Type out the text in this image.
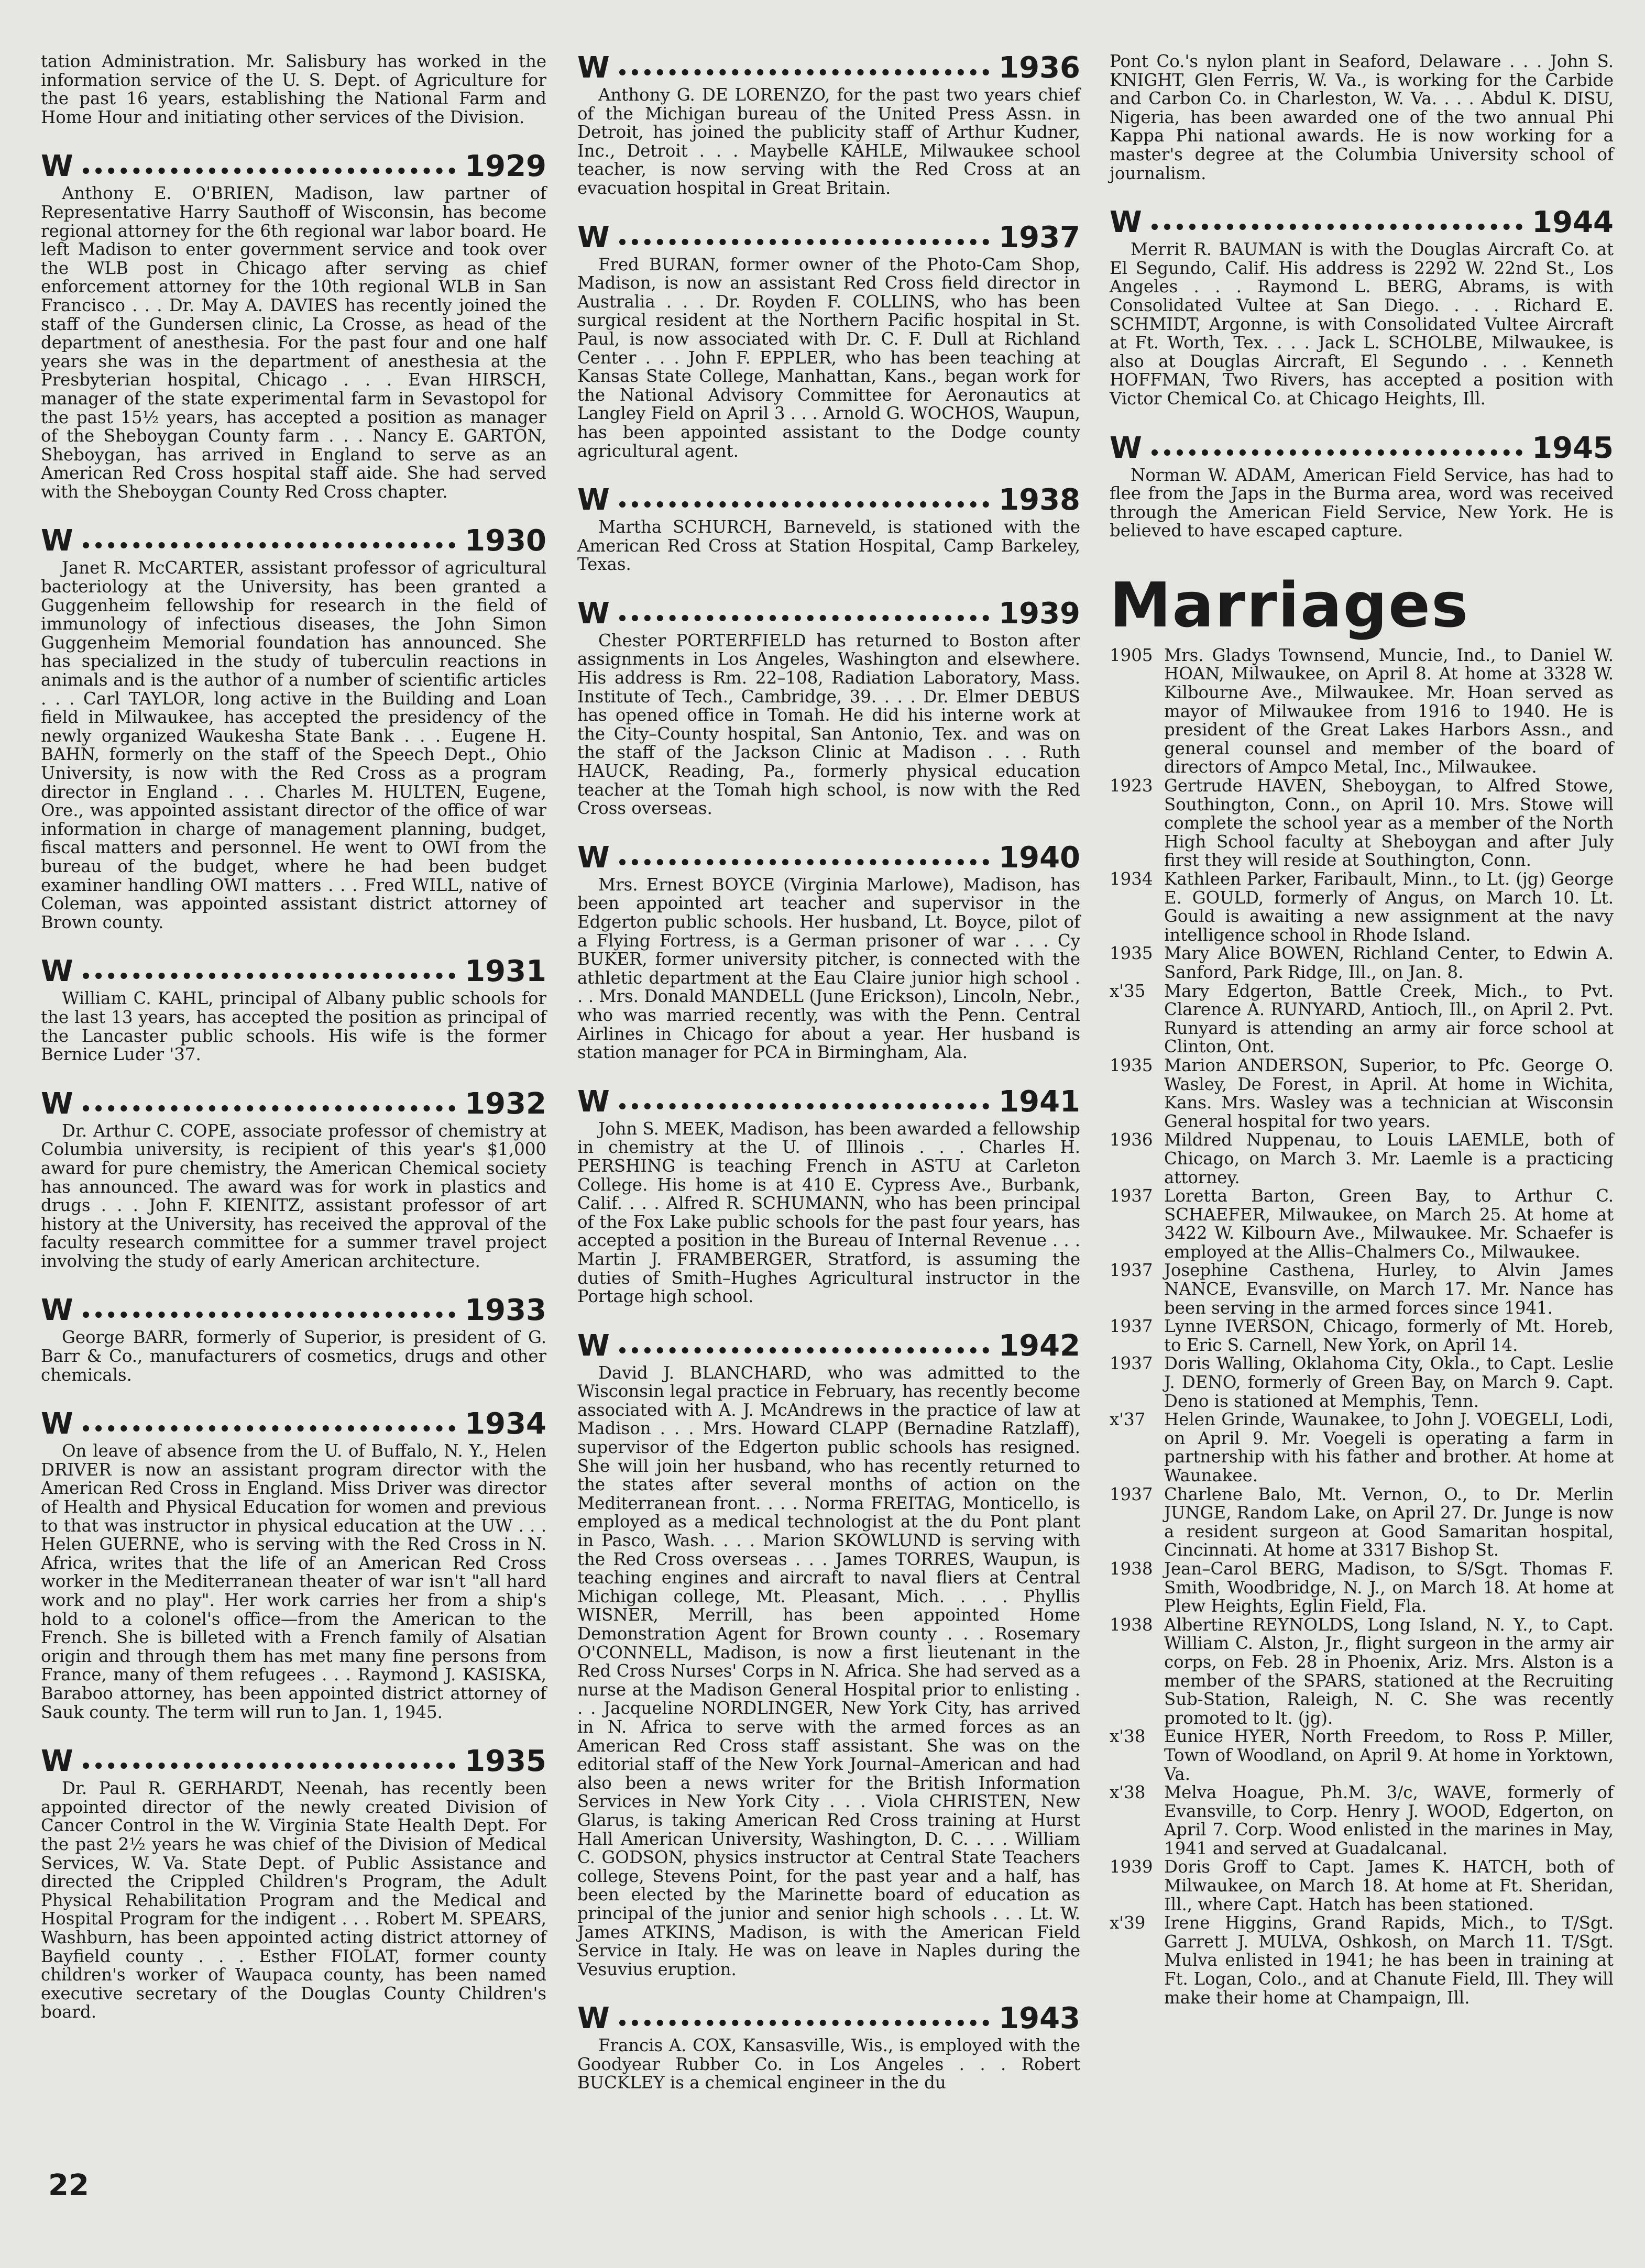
tation Administration. Mr. Salisbury has worked in the information service of the U. S. Dept. of Agriculture for the past 16 years, establishing the National Farm and Home Hour and initiating other services of the Division.

W	1929

Anthony E. O'BRIEN, Madison, law partner of Representative Harry Sauthoff of Wisconsin, has become regional attorney for the 6th regional war labor board. He left Madison to enter government service and took over the WLB post in Chicago after serving as chief enforcement attorney for the 10th regional WLB in San Francisco . . . Dr. May A. DAVIES has recently joined the staff of the Gundersen clinic, La Crosse, as head of the department of anesthesia. For the past four and one half years she was in the department of anesthesia at the Presbyterian hospital, Chicago . . . Evan HIRSCH, manager of the state experimental farm in Sevastopol for the past 15½ years, has accepted a position as manager of the Sheboygan County farm . . . Nancy E. GARTON, Sheboygan, has arrived in England to serve as an American Red Cross hospital staff aide. She had served with the Sheboygan County Red Cross chapter.

W	1930

Janet R. McCARTER, assistant professor of agricultural bacteriology at the University, has been granted a Guggenheim fellowship for research in the field of immunology of infectious diseases, the John Simon Guggenheim Memorial foundation has announced. She has specialized in the study of tuberculin reactions in animals and is the author of a number of scientific articles . . . Carl TAYLOR, long active in the Building and Loan field in Milwaukee, has accepted the presidency of the newly organized Waukesha State Bank . . . Eugene H. BAHN, formerly on the staff of the Speech Dept., Ohio University, is now with the Red Cross as a program director in England . . . Charles M. HULTEN, Eugene, Ore., was appointed assistant director of the office of war information in charge of management planning, budget, fiscal matters and personnel. He went to OWI from the bureau of the budget, where he had been budget examiner handling OWI matters . . . Fred WILL, native of Coleman, was appointed assistant district attorney of Brown county.

W	1931

William C. KAHL, principal of Albany public schools for the last 13 years, has accepted the position as principal of the Lancaster public schools. His wife is the former Bernice Luder '37.

W	1932

Dr. Arthur C. COPE, associate professor of chemistry at Columbia university, is recipient of this year's $1,000 award for pure chemistry, the American Chemical society has announced. The award was for work in plastics and drugs . . . John F. KIENITZ, assistant professor of art history at the University, has received the approval of the faculty research committee for a summer travel project involving the study of early American architecture.

W	1933

George BARR, formerly of Superior, is president of G. Barr & Co., manufacturers of cosmetics, drugs and other chemicals.

W	1934

On leave of absence from the U. of Buffalo, N. Y., Helen DRIVER is now an assistant program director with the American Red Cross in England. Miss Driver was director of Health and Physical Education for women and previous to that was instructor in physical education at the UW . . . Helen GUERNE, who is serving with the Red Cross in N. Africa, writes that the life of an American Red Cross worker in the Mediterranean theater of war isn't "all hard work and no play". Her work carries her from a ship's hold to a colonel's office—from the American to the French. She is billeted with a French family of Alsatian origin and through them has met many fine persons from France, many of them refugees . . . Raymond J. KASISKA, Baraboo attorney, has been appointed district attorney of Sauk county. The term will run to Jan. 1, 1945.

W	1935

Dr. Paul R. GERHARDT, Neenah, has recently been appointed director of the newly created Division of Cancer Control in the W. Virginia State Health Dept. For the past 2½ years he was chief of the Division of Medical Services, W. Va. State Dept. of Public Assistance and directed the Crippled Children's Program, the Adult Physical Rehabilitation Program and the Medical and Hospital Program for the indigent . . . Robert M. SPEARS, Washburn, has been appointed acting district attorney of Bayfield county . . . Esther FIOLAT, former county children's worker of Waupaca county, has been named executive secretary of the Douglas County Children's board.

W	1936

Anthony G. DE LORENZO, for the past two years chief of the Michigan bureau of the United Press Assn. in Detroit, has joined the publicity staff of Arthur Kudner, Inc., Detroit . . . Maybelle KAHLE, Milwaukee school teacher, is now serving with the Red Cross at an evacuation hospital in Great Britain.

W	1937

Fred BURAN, former owner of the Photo-Cam Shop, Madison, is now an assistant Red Cross field director in Australia . . . Dr. Royden F. COLLINS, who has been surgical resident at the Northern Pacific hospital in St. Paul, is now associated with Dr. C. F. Dull at Richland Center . . . John F. EPPLER, who has been teaching at Kansas State College, Manhattan, Kans., began work for the National Advisory Committee for Aeronautics at Langley Field on April 3 . . . Arnold G. WOCHOS, Waupun, has been appointed assistant to the Dodge county agricultural agent.

W	1938

Martha SCHURCH, Barneveld, is stationed with the American Red Cross at Station Hospital, Camp Barkeley, Texas.

W	1939

Chester PORTERFIELD has returned to Boston after assignments in Los Angeles, Washington and elsewhere. His address is Rm. 22–108, Radiation Laboratory, Mass. Institute of Tech., Cambridge, 39. . . . Dr. Elmer DEBUS has opened office in Tomah. He did his interne work at the City–County hospital, San Antonio, Tex. and was on the staff of the Jackson Clinic at Madison . . . Ruth HAUCK, Reading, Pa., formerly physical education teacher at the Tomah high school, is now with the Red Cross overseas.

W	1940

Mrs. Ernest BOYCE (Virginia Marlowe), Madison, has been appointed art teacher and supervisor in the Edgerton public schools. Her husband, Lt. Boyce, pilot of a Flying Fortress, is a German prisoner of war . . . Cy BUKER, former university pitcher, is connected with the athletic department at the Eau Claire junior high school . . . Mrs. Donald MANDELL (June Erickson), Lincoln, Nebr., who was married recently, was with the Penn. Central Airlines in Chicago for about a year. Her husband is station manager for PCA in Birmingham, Ala.

W	1941

John S. MEEK, Madison, has been awarded a fellowship in chemistry at the U. of Illinois . . . Charles H. PERSHING is teaching French in ASTU at Carleton College. His home is at 410 E. Cypress Ave., Burbank, Calif. . . . Alfred R. SCHUMANN, who has been principal of the Fox Lake public schools for the past four years, has accepted a position in the Bureau of Internal Revenue . . . Martin J. FRAMBERGER, Stratford, is assuming the duties of Smith–Hughes Agricultural instructor in the Portage high school.

W	1942

David J. BLANCHARD, who was admitted to the Wisconsin legal practice in February, has recently become associated with A. J. McAndrews in the practice of law at Madison . . . Mrs. Howard CLAPP (Bernadine Ratzlaff), supervisor of the Edgerton public schools has resigned. She will join her husband, who has recently returned to the states after several months of action on the Mediterranean front. . . . Norma FREITAG, Monticello, is employed as a medical technologist at the du Pont plant in Pasco, Wash. . . . Marion SKOWLUND is serving with the Red Cross overseas . . . James TORRES, Waupun, is teaching engines and aircraft to naval fliers at Central Michigan college, Mt. Pleasant, Mich. . . . Phyllis WISNER, Merrill, has been appointed Home Demonstration Agent for Brown county . . . Rosemary O'CONNELL, Madison, is now a first lieutenant in the Red Cross Nurses' Corps in N. Africa. She had served as a nurse at the Madison General Hospital prior to enlisting . . . Jacqueline NORDLINGER, New York City, has arrived in N. Africa to serve with the armed forces as an American Red Cross staff assistant. She was on the editorial staff of the New York Journal–American and had also been a news writer for the British Information Services in New York City . . . Viola CHRISTEN, New Glarus, is taking American Red Cross training at Hurst Hall American University, Washington, D. C. . . . William C. GODSON, physics instructor at Central State Teachers college, Stevens Point, for the past year and a half, has been elected by the Marinette board of education as principal of the junior and senior high schools . . . Lt. W. James ATKINS, Madison, is with the American Field Service in Italy. He was on leave in Naples during the Vesuvius eruption.

W	1943

Francis A. COX, Kansasville, Wis., is employed with the Goodyear Rubber Co. in Los Angeles . . . Robert BUCKLEY is a chemical engineer in the du

Pont Co.'s nylon plant in Seaford, Delaware . . . John S. KNIGHT, Glen Ferris, W. Va., is working for the Carbide and Carbon Co. in Charleston, W. Va. . . . Abdul K. DISU, Nigeria, has been awarded one of the two annual Phi Kappa Phi national awards. He is now working for a master's degree at the Columbia University school of journalism.

W	1944

Merrit R. BAUMAN is with the Douglas Aircraft Co. at El Segundo, Calif. His address is 2292 W. 22nd St., Los Angeles . . . Raymond L. BERG, Abrams, is with Consolidated Vultee at San Diego. . . . Richard E. SCHMIDT, Argonne, is with Consolidated Vultee Aircraft at Ft. Worth, Tex. . . . Jack L. SCHOLBE, Milwaukee, is also at Douglas Aircraft, El Segundo . . . Kenneth HOFFMAN, Two Rivers, has accepted a position with Victor Chemical Co. at Chicago Heights, Ill.

W	1945

Norman W. ADAM, American Field Service, has had to flee from the Japs in the Burma area, word was received through the American Field Service, New York. He is believed to have escaped capture.

Marriages
1905 Mrs. Gladys Townsend, Muncie, Ind., to Daniel W. HOAN, Milwaukee, on April 8. At home at 3328 W. Kilbourne Ave., Milwaukee. Mr. Hoan served as mayor of Milwaukee from 1916 to 1940. He is president of the Great Lakes Harbors Assn., and general counsel and member of the board of directors of Ampco Metal, Inc., Milwaukee.
1923 Gertrude HAVEN, Sheboygan, to Alfred Stowe, Southington, Conn., on April 10. Mrs. Stowe will complete the school year as a member of the North High School faculty at Sheboygan and after July first they will reside at Southington, Conn.
1934 Kathleen Parker, Faribault, Minn., to Lt. (jg) George E. GOULD, formerly of Angus, on March 10. Lt. Gould is awaiting a new assignment at the navy intelligence school in Rhode Island.
1935 Mary Alice BOWEN, Richland Center, to Edwin A. Sanford, Park Ridge, Ill., on Jan. 8.
x'35	Mary Edgerton, Battle Creek, Mich., to Pvt. Clarence A. RUNYARD, Antioch, Ill., on April 2. Pvt. Runyard is attending an army air force school at Clinton, Ont.
1935 Marion ANDERSON, Superior, to Pfc. George O. Wasley, De Forest, in April. At home in Wichita, Kans. Mrs. Wasley was a technician at Wisconsin General hospital for two years.
1936 Mildred Nuppenau, to Louis LAEMLE, both of Chicago, on March 3. Mr. Laemle is a practicing attorney.
1937 Loretta Barton, Green Bay, to Arthur C. SCHAEFER, Milwaukee, on March 25. At home at 3422 W. Kilbourn Ave., Milwaukee. Mr. Schaefer is employed at the Allis–Chalmers Co., Milwaukee.
1937 Josephine Casthena, Hurley, to Alvin James NANCE, Evansville, on March 17. Mr. Nance has been serving in the armed forces since 1941.
1937 Lynne IVERSON, Chicago, formerly of Mt. Horeb, to Eric S. Carnell, New York, on April 14.
1937 Doris Walling, Oklahoma City, Okla., to Capt. Leslie J. DENO, formerly of Green Bay, on March 9. Capt. Deno is stationed at Memphis, Tenn.
x'37	Helen Grinde, Waunakee, to John J. VOEGELI, Lodi, on April 9. Mr. Voegeli is operating a farm in partnership with his father and brother. At home at Waunakee.
1937 Charlene Balo, Mt. Vernon, O., to Dr. Merlin JUNGE, Random Lake, on April 27. Dr. Junge is now a resident surgeon at Good Samaritan hospital, Cincinnati. At home at 3317 Bishop St.
1938 Jean–Carol BERG, Madison, to S/Sgt. Thomas F. Smith, Woodbridge, N. J., on March 18. At home at Plew Heights, Eglin Field, Fla.
1938 Albertine REYNOLDS, Long Island, N. Y., to Capt. William C. Alston, Jr., flight surgeon in the army air corps, on Feb. 28 in Phoenix, Ariz. Mrs. Alston is a member of the SPARS, stationed at the Recruiting Sub-Station, Raleigh, N. C. She was recently promoted to lt. (jg).
x'38	Eunice HYER, North Freedom, to Ross P. Miller, Town of Woodland, on April 9. At home in Yorktown, Va.
x'38	Melva Hoague, Ph.M. 3/c, WAVE, formerly of Evansville, to Corp. Henry J. WOOD, Edgerton, on April 7. Corp. Wood enlisted in the marines in May, 1941 and served at Guadalcanal.
1939 Doris Groff to Capt. James K. HATCH, both of Milwaukee, on March 18. At home at Ft. Sheridan, Ill., where Capt. Hatch has been stationed.
x'39	Irene Higgins, Grand Rapids, Mich., to T/Sgt. Garrett J. MULVA, Oshkosh, on March 11. T/Sgt. Mulva enlisted in 1941; he has been in training at Ft. Logan, Colo., and at Chanute Field, Ill. They will make their home at Champaign, Ill.
22
